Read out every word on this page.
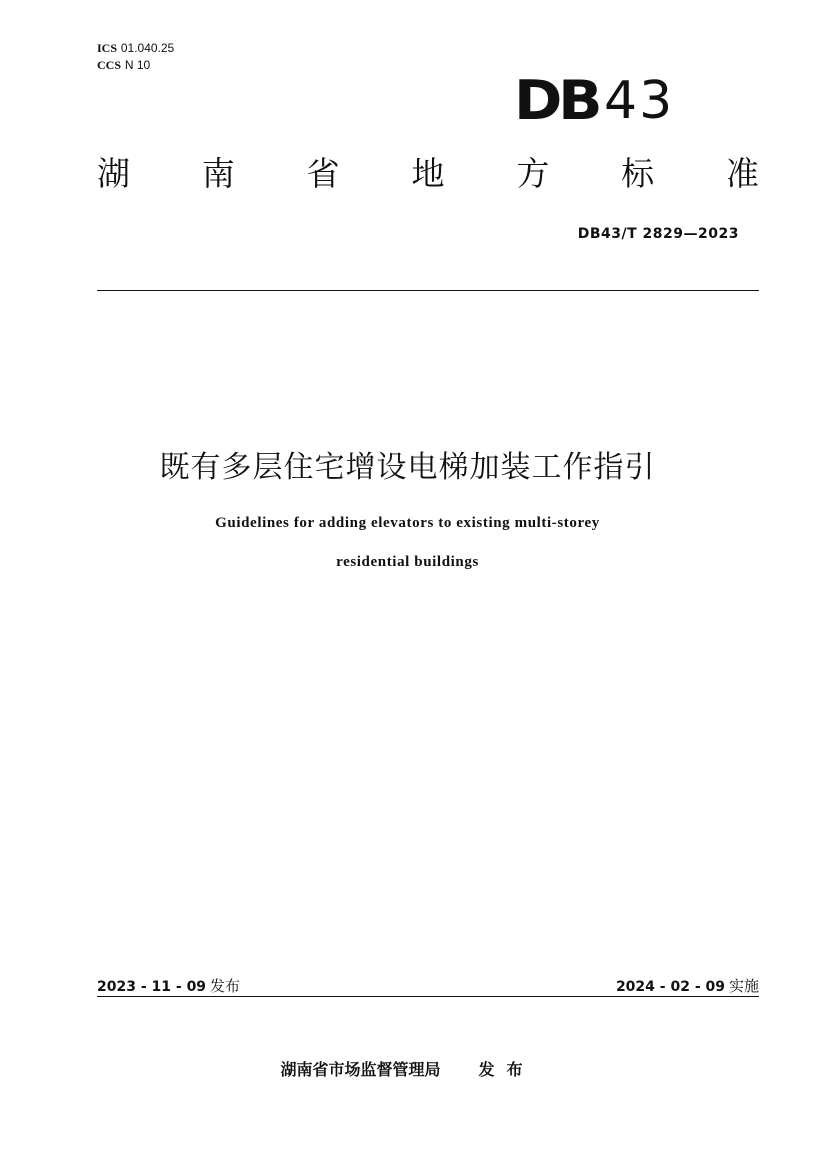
ICS 01.040.25
CCS N 10
DB 43
湖 南 省 地 方 标 准
DB43/T 2829—2023
既有多层住宅增设电梯加装工作指引
Guidelines for adding elevators to existing multi-storey
residential buildings
2023 - 11 - 09 发布	2024 - 02 - 09 实施
湖南省市场监督管理局 发布
